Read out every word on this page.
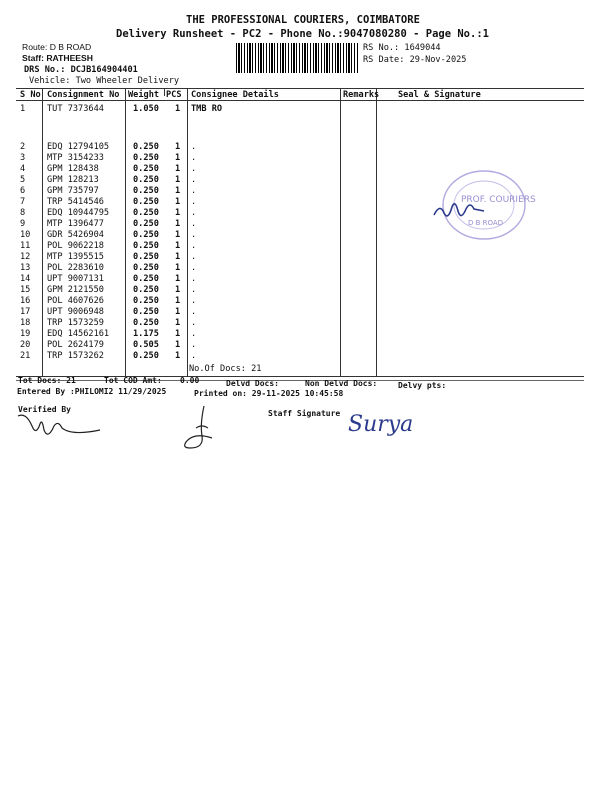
THE PROFESSIONAL COURIERS, COIMBATORE
Delivery Runsheet - PC2 - Phone No.:9047080280 - Page No.:1
Route: D B ROAD
Staff: RATHEESH
DRS No.: DCJB164904401
Vehicle: Two Wheeler Delivery
RS No.: 1649044
RS Date: 29-Nov-2025
S No Consignment No Weight PCS Consignee Details	Remarks Seal & Signature
1	TUT 7373644	1.050 1 TMB RO
2	EDQ 12794105	0.250 1 .
3	MTP 3154233	0.250 1 .
4	GPM 128438	0.250 1 .
5	GPM 128213	0.250 1 .
6	GPM 735797	0.250 1 .
7	TRP 5414546	0.250 1 .
8	EDQ 10944795	0.250 1 .
9	MTP 1396477	0.250 1 .
10 GDR 5426904	0.250 1 .
11 POL 9062218	0.250 1 .
12 MTP 1395515	0.250 1 .
13 POL 2283610	0.250 1 .
14 UPT 9007131	0.250 1 .
15 GPM 2121550	0.250 1 .
16 POL 4607626	0.250 1 .
17 UPT 9006948	0.250 1 .
18 TRP 1573259	0.250 1 .
19 EDQ 14562161	1.175 1 .
20 POL 2624179	0.505 1 .
21 TRP 1573262	0.250 1 .
No.Of Docs: 21
PROF. COURIERS
D B ROAD
Tot Docs: 21	Tot COD Amt: 0.00	Delvd Docs:	Non Delvd Docs:	Delvy pts:
Entered By :PHILOMI2 11/29/2025	Printed on: 29-11-2025 10:45:58
Verified By	Staff Signature Surya
